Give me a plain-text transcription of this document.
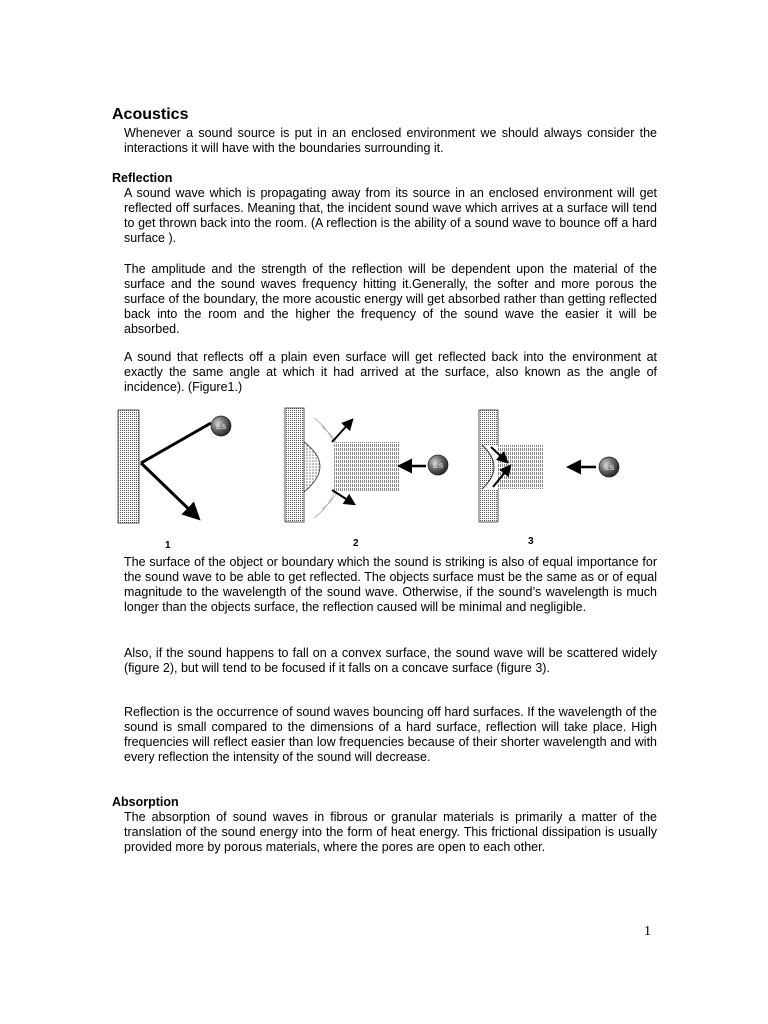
Acoustics

Whenever a sound source is put in an enclosed environment we should always consider the interactions it will have with the boundaries surrounding it.

Reflection

A sound wave which is propagating away from its source in an enclosed environment will get reflected off surfaces. Meaning that, the incident sound wave which arrives at a surface will tend to get thrown back into the room. (A reflection is the ability of a sound wave to bounce off a hard surface ).

The amplitude and the strength of the reflection will be dependent upon the material of the surface and the sound waves frequency hitting it.Generally, the softer and more porous the surface of the boundary, the more acoustic energy will get absorbed rather than getting reflected back into the room and the higher the frequency of the sound wave the easier it will be absorbed.

A sound that reflects off a plain even surface will get reflected back into the environment at exactly the same angle at which it had arrived at the surface, also known as the angle of incidence). (Figure1.)

S.S
1
S.S
2
S.S
3

The surface of the object or boundary which the sound is striking is also of equal importance for the sound wave to be able to get reflected. The objects surface must be the same as or of equal magnitude to the wavelength of the sound wave. Otherwise, if the sound’s wavelength is much longer than the objects surface, the reflection caused will be minimal and negligible.

Also, if the sound happens to fall on a convex surface, the sound wave will be scattered widely (figure 2), but will tend to be focused if it falls on a concave surface (figure 3).

Reflection is the occurrence of sound waves bouncing off hard surfaces. If the wavelength of the sound is small compared to the dimensions of a hard surface, reflection will take place. High frequencies will reflect easier than low frequencies because of their shorter wavelength and with every reflection the intensity of the sound will decrease.

Absorption

The absorption of sound waves in fibrous or granular materials is primarily a matter of the translation of the sound energy into the form of heat energy. This frictional dissipation is usually provided more by porous materials, where the pores are open to each other.

1
